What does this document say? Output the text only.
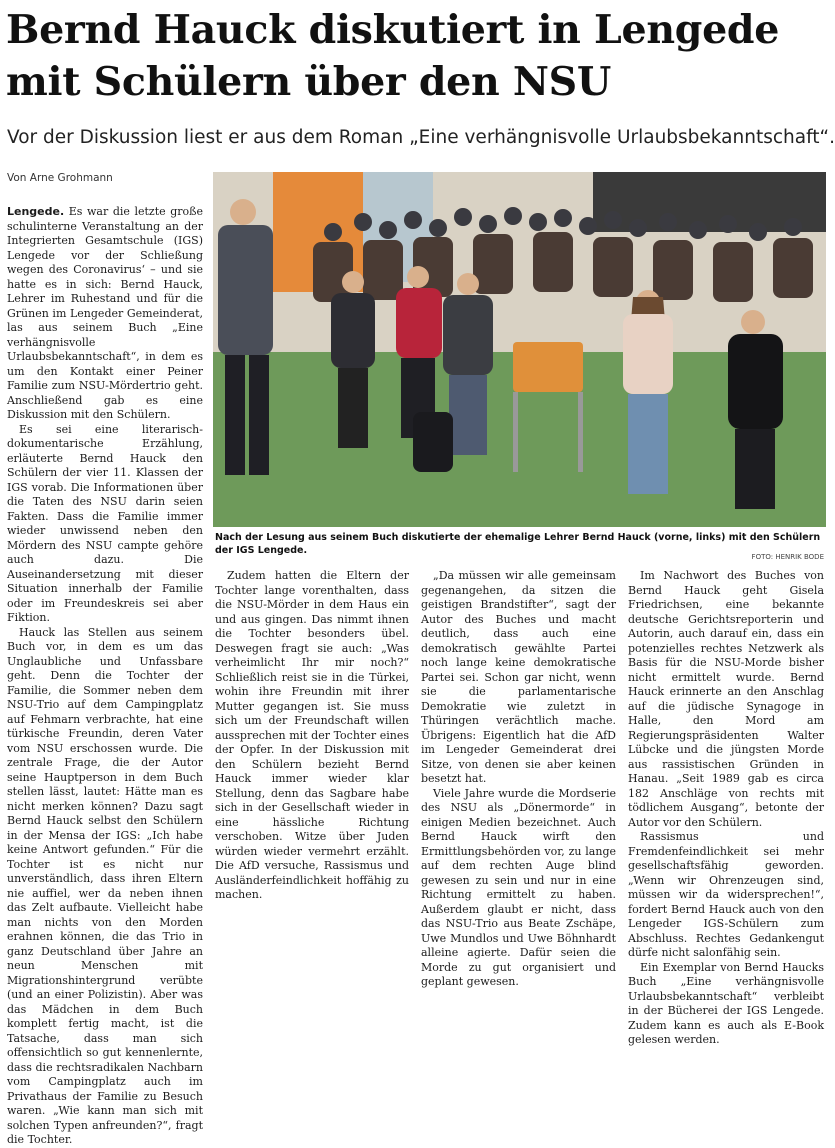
Bernd Hauck diskutiert in Lengede mit Schülern über den NSU

Vor der Diskussion liest er aus dem Roman „Eine verhängnisvolle Urlaubsbekanntschaft“.

Von Arne Grohmann
Nach der Lesung aus seinem Buch diskutierte der ehemalige Lehrer Bernd Hauck (vorne, links) mit den Schülern der IGS Lengede.
FOTO: HENRIK BODE

Lengede. Es war die letzte große schulinterne Veranstaltung an der Integrierten Gesamtschule (IGS) Lengede vor der Schließung wegen des Coronavirus‘ – und sie hatte es in sich: Bernd Hauck, Lehrer im Ruhestand und für die Grünen im Lengeder Gemeinderat, las aus seinem Buch „Eine verhängnisvolle Urlaubsbekanntschaft“, in dem es um den Kontakt einer Peiner Familie zum NSU-Mördertrio geht. Anschließend gab es eine Diskussion mit den Schülern.

Es sei eine literarisch-dokumentarische Erzählung, erläuterte Bernd Hauck den Schülern der vier 11. Klassen der IGS vorab. Die Informationen über die Taten des NSU darin seien Fakten. Dass die Familie immer wieder unwissend neben den Mördern des NSU campte gehöre auch dazu. Die Auseinandersetzung mit dieser Situation innerhalb der Familie oder im Freundeskreis sei aber Fiktion.

Hauck las Stellen aus seinem Buch vor, in dem es um das Unglaubliche und Unfassbare geht. Denn die Tochter der Familie, die Sommer neben dem NSU-Trio auf dem Campingplatz auf Fehmarn verbrachte, hat eine türkische Freundin, deren Vater vom NSU erschossen wurde. Die zentrale Frage, die der Autor seine Hauptperson in dem Buch stellen lässt, lautet: Hätte man es nicht merken können? Dazu sagt Bernd Hauck selbst den Schülern in der Mensa der IGS: „Ich habe keine Antwort gefunden.“ Für die Tochter ist es nicht nur unverständlich, dass ihren Eltern nie auffiel, wer da neben ihnen das Zelt aufbaute. Vielleicht habe man nichts von den Morden erahnen können, die das Trio in ganz Deutschland über Jahre an neun Menschen mit Migrationshintergrund verübte (und an einer Polizistin). Aber was das Mädchen in dem Buch komplett fertig macht, ist die Tatsache, dass man sich offensichtlich so gut kennenlernte, dass die rechtsradikalen Nachbarn vom Campingplatz auch im Privathaus der Familie zu Besuch waren. „Wie kann man sich mit solchen Typen anfreunden?“, fragt die Tochter.

Zudem hatten die Eltern der Tochter lange vorenthalten, dass die NSU-Mörder in dem Haus ein und aus gingen. Das nimmt ihnen die Tochter besonders übel. Deswegen fragt sie auch: „Was verheimlicht Ihr mir noch?“ Schließlich reist sie in die Türkei, wohin ihre Freundin mit ihrer Mutter gegangen ist. Sie muss sich um der Freundschaft willen aussprechen mit der Tochter eines der Opfer. In der Diskussion mit den Schülern bezieht Bernd Hauck immer wieder klar Stellung, denn das Sagbare habe sich in der Gesellschaft wieder in eine hässliche Richtung verschoben. Witze über Juden würden wieder vermehrt erzählt. Die AfD versuche, Rassismus und Ausländerfeindlichkeit hoffähig zu machen.

„Da müssen wir alle gemeinsam gegenangehen, da sitzen die geistigen Brandstifter“, sagt der Autor des Buches und macht deutlich, dass auch eine demokratisch gewählte Partei noch lange keine demokratische Partei sei. Schon gar nicht, wenn sie die parlamentarische Demokratie wie zuletzt in Thüringen verächtlich mache. Übrigens: Eigentlich hat die AfD im Lengeder Gemeinderat drei Sitze, von denen sie aber keinen besetzt hat.

Viele Jahre wurde die Mordserie des NSU als „Dönermorde“ in einigen Medien bezeichnet. Auch Bernd Hauck wirft den Ermittlungsbehörden vor, zu lange auf dem rechten Auge blind gewesen zu sein und nur in eine Richtung ermittelt zu haben. Außerdem glaubt er nicht, dass das NSU-Trio aus Beate Zschäpe, Uwe Mundlos und Uwe Böhnhardt alleine agierte. Dafür seien die Morde zu gut organisiert und geplant gewesen.

Im Nachwort des Buches von Bernd Hauck geht Gisela Friedrichsen, eine bekannte deutsche Gerichtsreporterin und Autorin, auch darauf ein, dass ein potenzielles rechtes Netzwerk als Basis für die NSU-Morde bisher nicht ermittelt wurde. Bernd Hauck erinnerte an den Anschlag auf die jüdische Synagoge in Halle, den Mord am Regierungspräsidenten Walter Lübcke und die jüngsten Morde aus rassistischen Gründen in Hanau. „Seit 1989 gab es circa 182 Anschläge von rechts mit tödlichem Ausgang“, betonte der Autor vor den Schülern.

Rassismus und Fremdenfeindlichkeit sei mehr gesellschaftsfähig geworden. „Wenn wir Ohrenzeugen sind, müssen wir da widersprechen!“, fordert Bernd Hauck auch von den Lengeder IGS-Schülern zum Abschluss. Rechtes Gedankengut dürfe nicht salonfähig sein.

Ein Exemplar von Bernd Haucks Buch „Eine verhängnisvolle Urlaubsbekanntschaft“ verbleibt in der Bücherei der IGS Lengede. Zudem kann es auch als E-Book gelesen werden.
